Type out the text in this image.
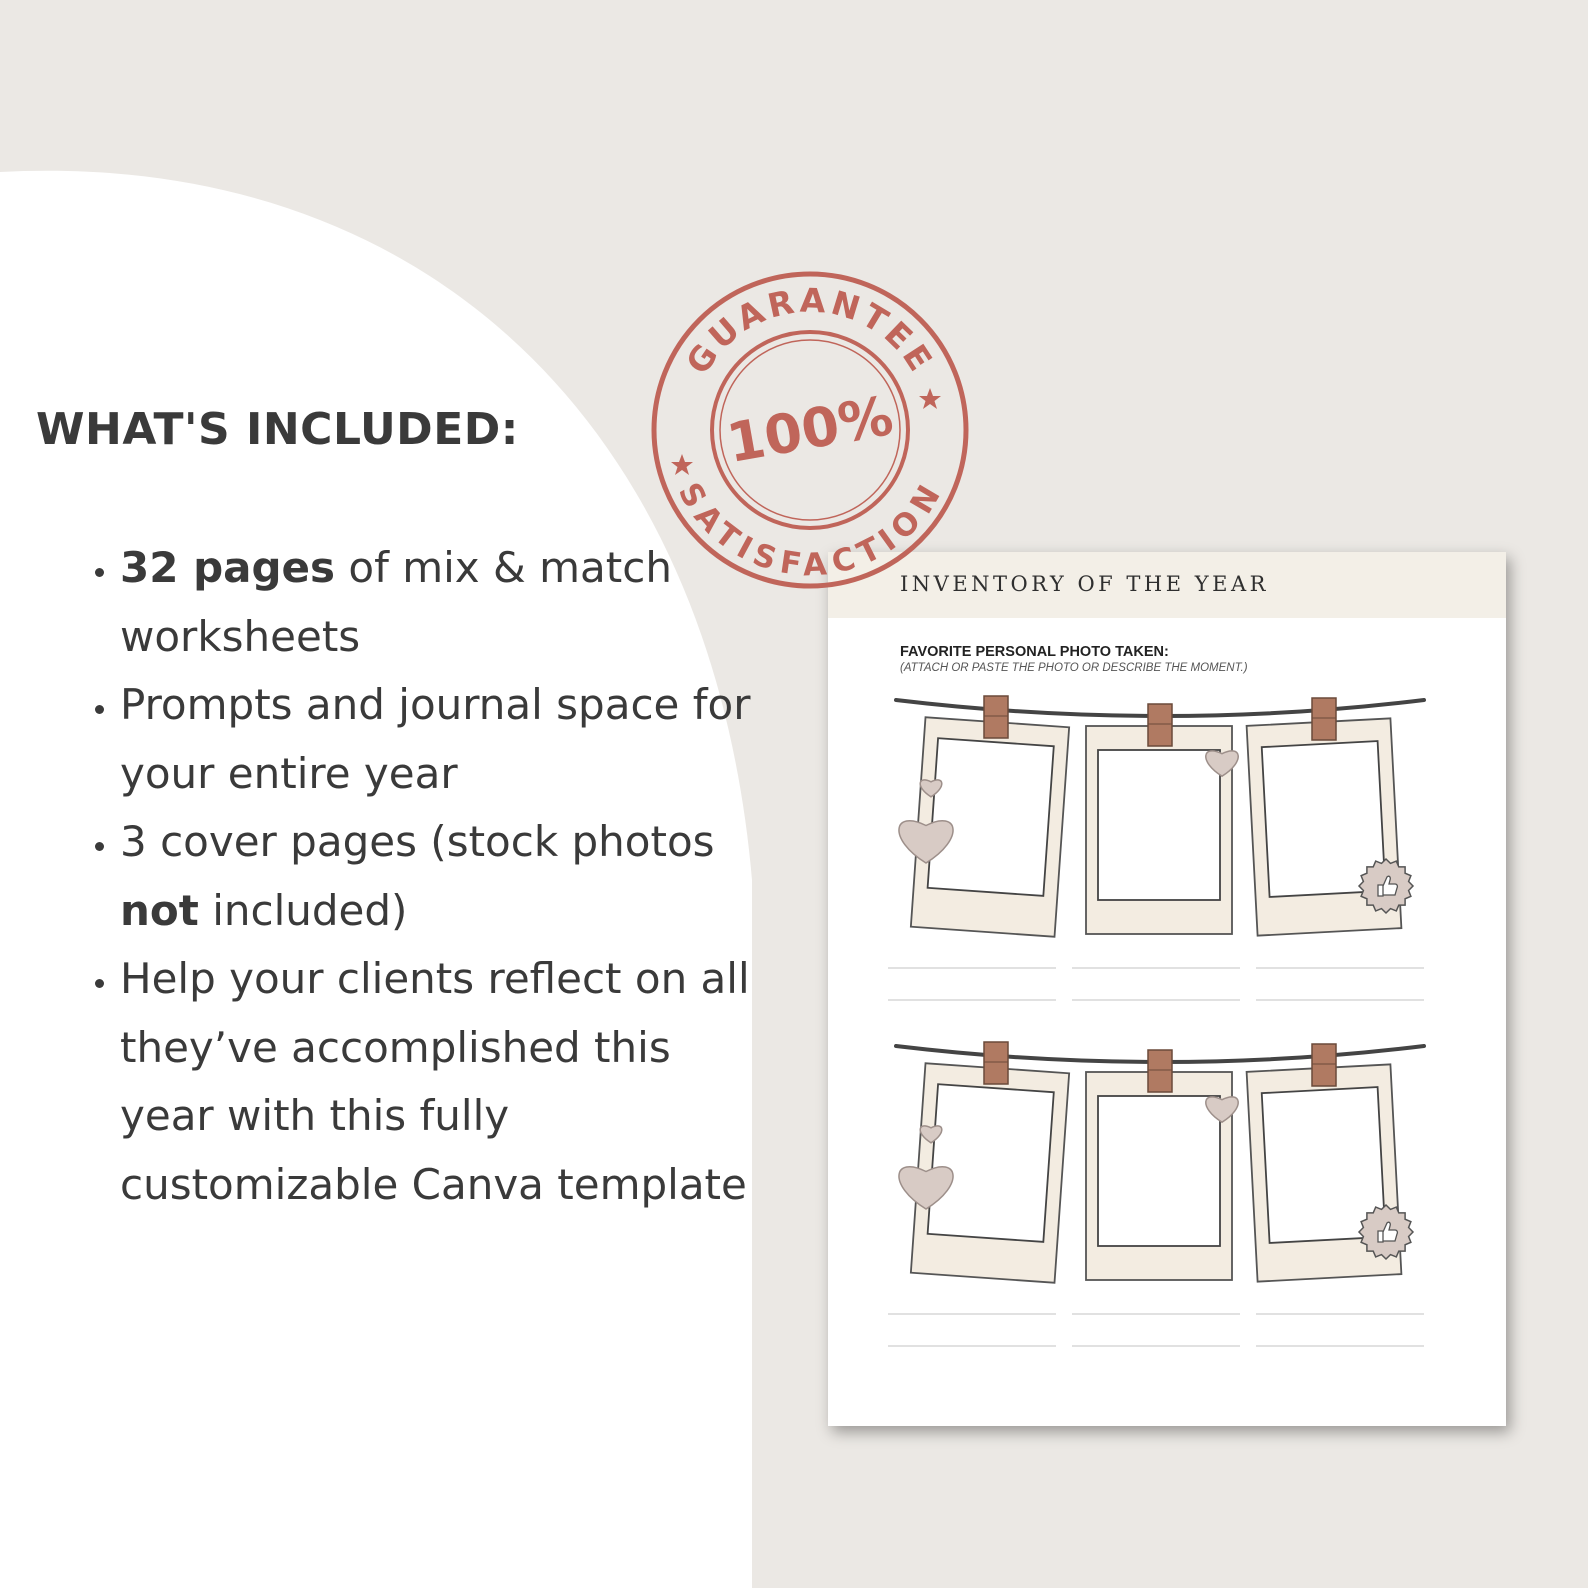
WHAT'S INCLUDED:
• 32 pages of mix & match worksheets
• Prompts and journal space for your entire year
• 3 cover pages (stock photos not included)
• Help your clients reflect on all they’ve accomplished this year with this fully customizable Canva template
INVENTORY OF THE YEAR
FAVORITE PERSONAL PHOTO TAKEN:
(ATTACH OR PASTE THE PHOTO OR DESCRIBE THE MOMENT.)
GUARANTEE
SATISFACTION
100%
